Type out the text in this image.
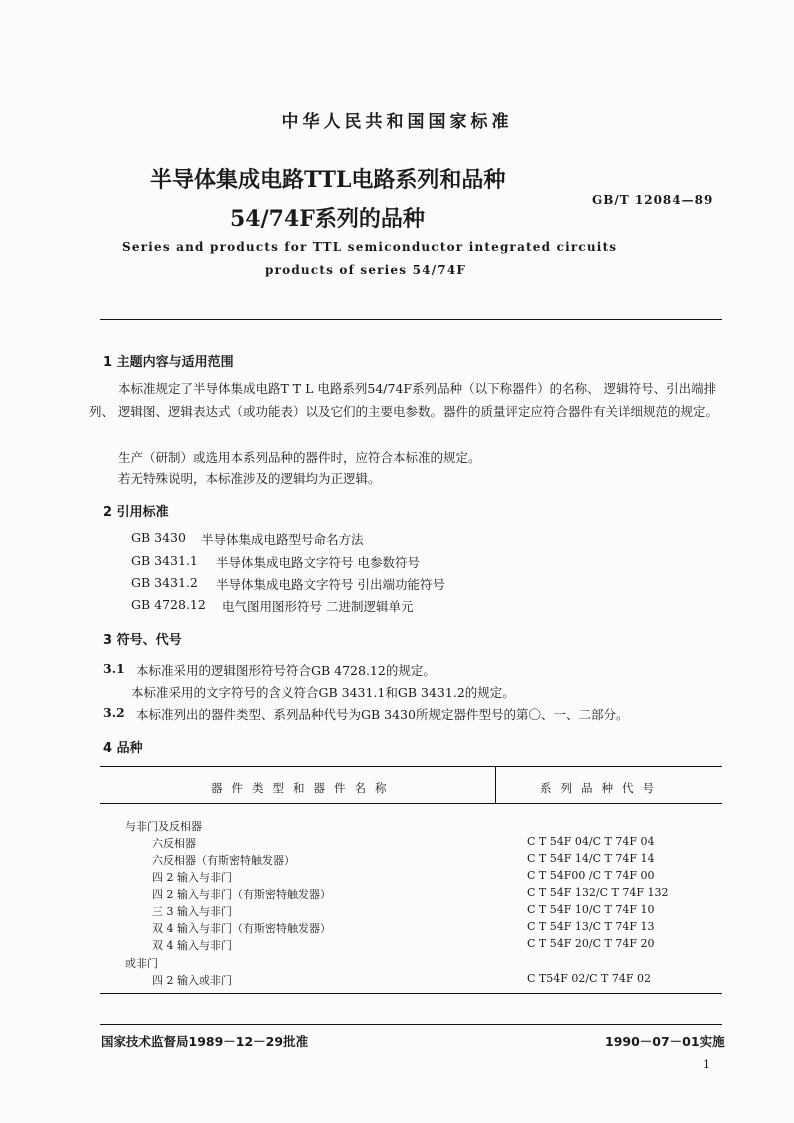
中华人民共和国国家标准
半导体集成电路TTL电路系列和品种
54/74F系列的品种
GB/T 12084—89
Series and products for TTL semiconductor integrated circuits
products of series 54/74F
1 主题内容与适用范围
本标准规定了半导体集成电路T T L 电路系列54/74F系列品种（以下称器件）的名称、 逻辑符号、引出端排列、 逻辑图、逻辑表达式（或功能表）以及它们的主要电参数。器件的质量评定应符合器件有关详细规范的规定。
生产（研制）或选用本系列品种的器件时，应符合本标准的规定。
若无特殊说明，本标准涉及的逻辑均为正逻辑。
2 引用标准
GB 3430 半导体集成电路型号命名方法
GB 3431.1 半导体集成电路文字符号 电参数符号
GB 3431.2 半导体集成电路文字符号 引出端功能符号
GB 4728.12 电气图用图形符号 二进制逻辑单元
3 符号、代号
3.1 本标准采用的逻辑图形符号符合GB 4728.12的规定。
本标准采用的文字符号的含义符合GB 3431.1和GB 3431.2的规定。
3.2 本标准列出的器件类型、系列品种代号为GB 3430所规定器件型号的第〇、一、二部分。
4 品种
器件类型和器件名称	系列品种代号
与非门及反相器
六反相器	C T 54F 04/C T 74F 04
六反相器（有斯密特触发器）	C T 54F 14/C T 74F 14
四 2 输入与非门	C T 54F00 /C T 74F 00
四 2 输入与非门（有斯密特触发器）	C T 54F 132/C T 74F 132
三 3 输入与非门	C T 54F 10/C T 74F 10
双 4 输入与非门（有斯密特触发器）	C T 54F 13/C T 74F 13
双 4 输入与非门	C T 54F 20/C T 74F 20
或非门
四 2 输入或非门	C T54F 02/C T 74F 02
国家技术监督局1989－12－29批准	1990－07－01实施
1
